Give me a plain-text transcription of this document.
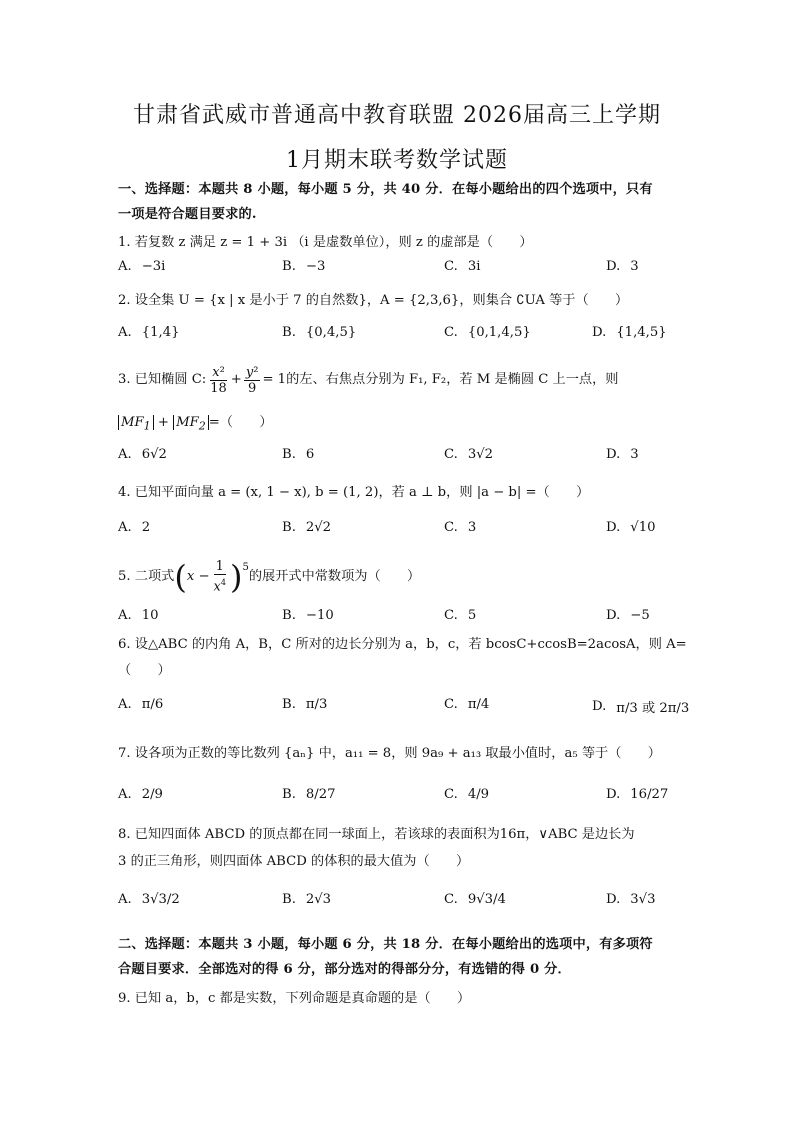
甘肃省武威市普通高中教育联盟 2026届高三上学期
1月期末联考数学试题
一、选择题：本题共 8 小题，每小题 5 分，共 40 分．在每小题给出的四个选项中，只有
一项是符合题目要求的.
1. 若复数 z 满足 z = 1 + 3i （i 是虚数单位），则 z 的虚部是（　　）
A. −3i	B. −3	C. 3i	D. 3
2. 设全集 U = {x | x 是小于 7 的自然数}，A = {2,3,6}，则集合 ∁UA 等于（　　）
A. {1,4}	B. {0,4,5}	C. {0,1,4,5}	D. {1,4,5}
3. 已知椭圆 C: $\frac{\text{x²}}{18} + \frac{\text{y²}}{9} = 1$的左、右焦点分别为 F₁, F₂，若 M 是椭圆 C 上一点，则
$MF_1 + MF_2$ =（　　）
A. 6√2	B. 6	C. 3√2	D. 3
4. 已知平面向量 a = (x, 1 − x), b = (1, 2)，若 a ⊥ b，则 |a − b| =（　　）
A. 2	B. 2√2	C. 3	D. √10
5. 二项式 ( $x - \frac{1}{x^4} )^5$
的展开式中常数项为（　　）
A. 10	B. −10	C. 5	D. −5
6. 设△ABC 的内角 A，B，C 所对的边长分别为 a，b，c，若 bcosC+ccosB=2acosA，则 A=
（　　）
A. π/6	B. π/3	C. π/4	D. π/3 或 2π/3
7. 设各项为正数的等比数列 {aₙ} 中，a₁₁ = 8，则 9a₉ + a₁₃ 取最小值时，a₅ 等于（　　）
A. 2/9	B. 8/27	C. 4/9	D. 16/27
8. 已知四面体 ABCD 的顶点都在同一球面上，若该球的表面积为16π，∨ABC 是边长为
3 的正三角形，则四面体 ABCD 的体积的最大值为（　　）
A. 3√3/2	B. 2√3	C. 9√3/4	D. 3√3
二、选择题：本题共 3 小题，每小题 6 分，共 18 分．在每小题给出的选项中，有多项符
合题目要求．全部选对的得 6 分，部分选对的得部分分，有选错的得 0 分．
9. 已知 a，b，c 都是实数，下列命题是真命题的是（　　）
